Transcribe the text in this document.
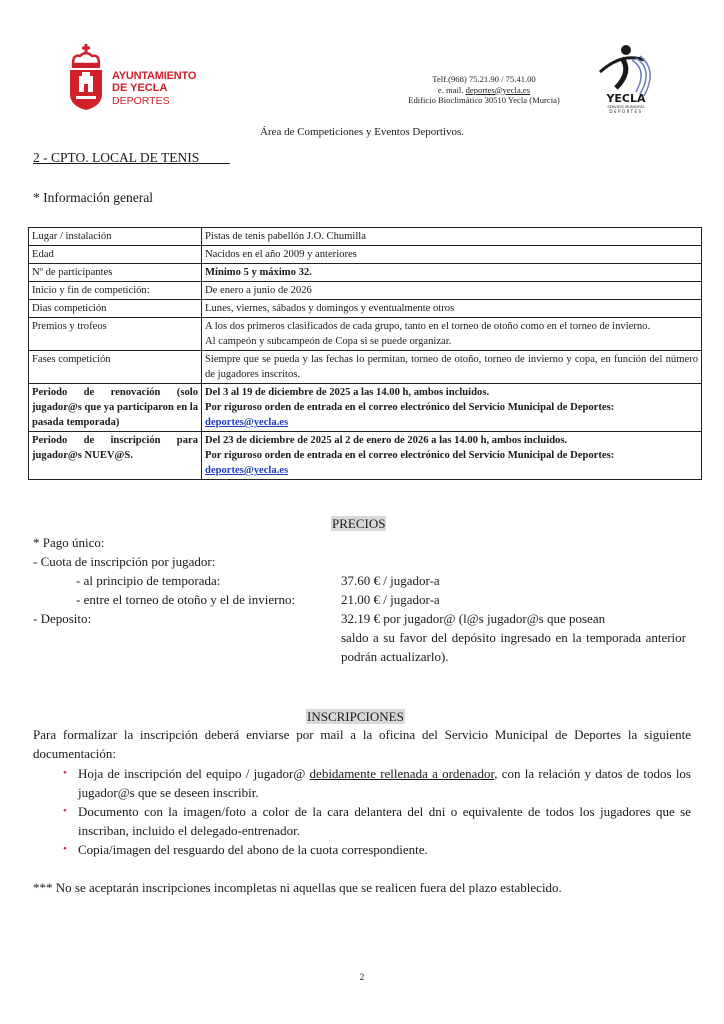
AYUNTAMIENTO
DE YECLA
DEPORTES
Telf.(968) 75.21.90 / 75.41.00
e. mail. deportes@yecla.es
Edificio Bioclimático 30510 Yecla (Murcia)	YECLA
SERVICIO MUNICIPAL
DEPORTES
Área de Competiciones y Eventos Deportivos.
2 - CPTO. LOCAL DE TENIS
* Información general
Lugar / instalación	Pistas de tenis pabellón J.O. Chumilla

Edad	Nacidos en el año 2009 y anteriores

Nº de participantes	Mínimo 5 y máximo 32.

Inicio y fin de competición:	De enero a junio de 2026

Dias competición	Lunes, viernes, sábados y domingos y eventualmente otros

Premios y trofeos	A los dos primeros clasificados de cada grupo, tanto en el torneo de otoño como en el torneo de invierno.
Al campeón y subcampeón de Copa si se puede organizar.

Fases competición	Siempre que se pueda y las fechas lo permitan, torneo de otoño, torneo de invierno y copa, en función del número de jugadores inscritos.

Periodo de renovación (solo jugador@s que ya participaron en la pasada temporada)	Del 3 al 19 de diciembre de 2025 a las 14.00 h, ambos incluidos.
Por riguroso orden de entrada en el correo electrónico del Servicio Municipal de Deportes:
deportes@yecla.es

Periodo de inscripción para jugador@s NUEV@S.	Del 23 de diciembre de 2025 al 2 de enero de 2026 a las 14.00 h, ambos incluidos.
Por riguroso orden de entrada en el correo electrónico del Servicio Municipal de Deportes:
deportes@yecla.es
PRECIOS
* Pago único:
- Cuota de inscripción por jugador:
- al principio de temporada:	37.60 € / jugador-a
- entre el torneo de otoño y el de invierno:	21.00 € / jugador-a
- Deposito:	32.19 € por jugador@ (l@s jugador@s que posean
saldo a su favor del depósito ingresado en la temporada anterior podrán actualizarlo).
INSCRIPCIONES
Para formalizar la inscripción deberá enviarse por mail a la oficina del Servicio Municipal de Deportes la siguiente documentación:
• Hoja de inscripción del equipo / jugador@ debidamente rellenada a ordenador, con la relación y datos de todos los jugador@s que se deseen inscribir.
• Documento con la imagen/foto a color de la cara delantera del dni o equivalente de todos los jugadores que se inscriban, incluido el delegado-entrenador.
• Copia/imagen del resguardo del abono de la cuota correspondiente.
*** No se aceptarán inscripciones incompletas ni aquellas que se realicen fuera del plazo establecido.
2
